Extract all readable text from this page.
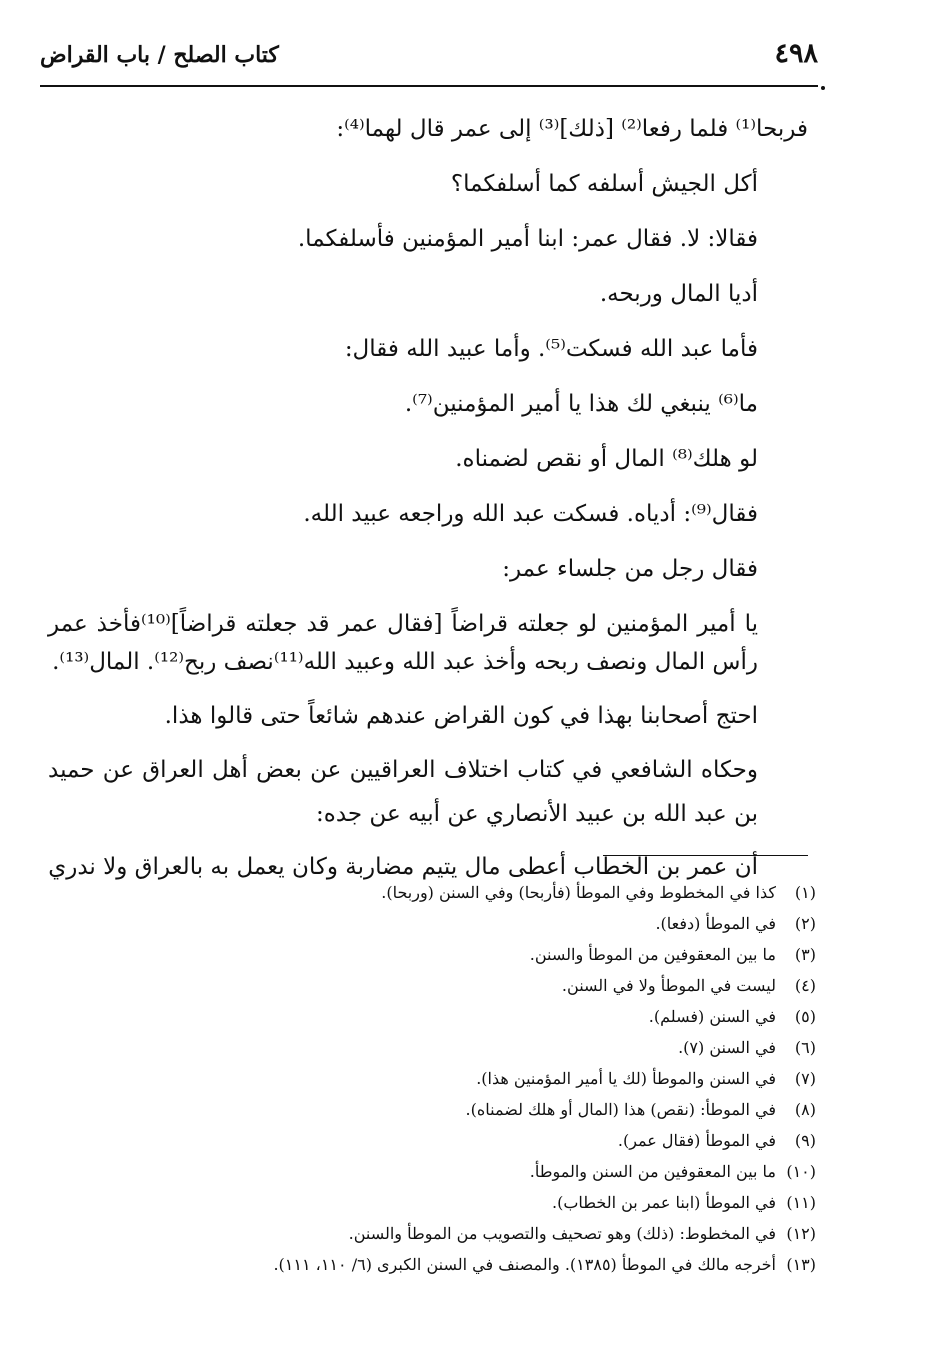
٤٩٨
كتاب الصلح / باب القراض

فربحا⁽¹⁾ فلما رفعا⁽²⁾ [ذلك]⁽³⁾ إلى عمر قال لهما⁽⁴⁾:

أكل الجيش أسلفه كما أسلفكما؟

فقالا: لا. فقال عمر: ابنا أمير المؤمنين فأسلفكما.

أديا المال وربحه.

فأما عبد الله فسكت⁽⁵⁾. وأما عبيد الله فقال:

ما⁽⁶⁾ ينبغي لك هذا يا أمير المؤمنين⁽⁷⁾.

لو هلك⁽⁸⁾ المال أو نقص لضمناه.

فقال⁽⁹⁾: أدياه. فسكت عبد الله وراجعه عبيد الله.

فقال رجل من جلساء عمر:

يا أمير المؤمنين لو جعلته قراضاً [فقال عمر قد جعلته قراضاً]⁽¹⁰⁾فأخذ عمر رأس المال ونصف ربحه وأخذ عبد الله وعبيد الله⁽¹¹⁾نصف ربح⁽¹²⁾. المال⁽¹³⁾.

احتج أصحابنا بهذا في كون القراض عندهم شائعاً حتى قالوا هذا.

وحكاه الشافعي في كتاب اختلاف العراقيين عن بعض أهل العراق عن حميد بن عبد الله بن عبيد الأنصاري عن أبيه عن جده:

أن عمر بن الخطاب أعطى مال يتيم مضاربة وكان يعمل به بالعراق ولا ندري

(١)كذا في المخطوط وفي الموطأ (فأربحا) وفي السنن (وربحا).

(٢)في الموطأ (دفعا).

(٣)ما بين المعقوفين من الموطأ والسنن.

(٤)ليست في الموطأ ولا في السنن.

(٥)في السنن (فسلم).

(٦)في السنن (٧).

(٧)في السنن والموطأ (لك يا أمير المؤمنين هذا).

(٨)في الموطأ: (نقص) هذا (المال أو هلك لضمناه).

(٩)في الموطأ (فقال عمر).

(١٠)ما بين المعقوفين من السنن والموطأ.

(١١)في الموطأ (ابنا عمر بن الخطاب).

(١٢)في المخطوط: (ذلك) وهو تصحيف والتصويب من الموطأ والسنن.

(١٣)أخرجه مالك في الموطأ (١٣٨٥). والمصنف في السنن الكبرى (٦/ ١١٠، ١١١).
